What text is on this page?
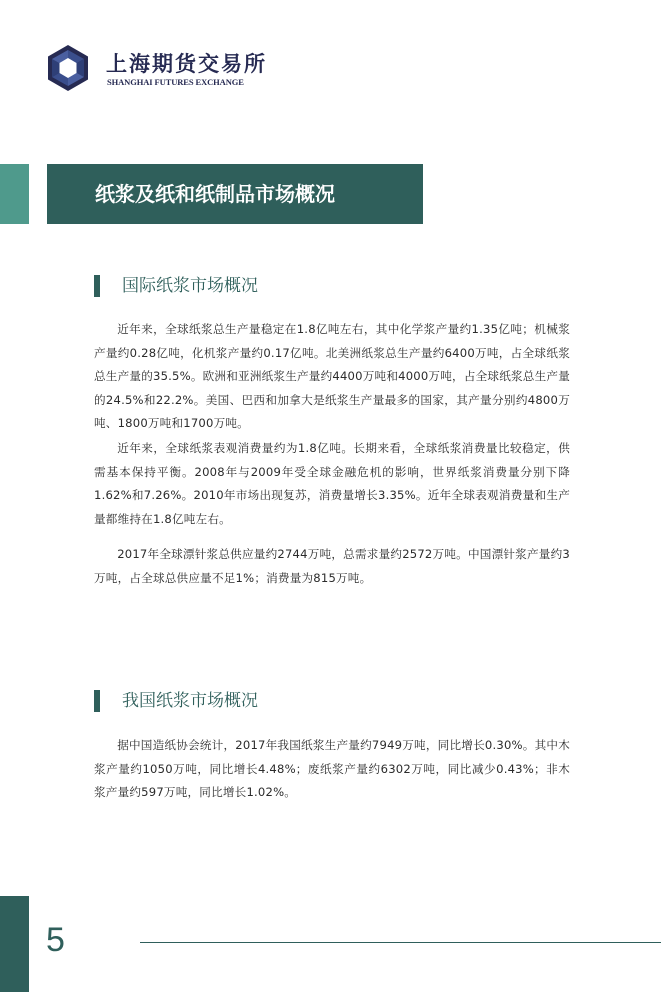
上海期货交易所
SHANGHAI FUTURES EXCHANGE
纸浆及纸和纸制品市场概况
国际纸浆市场概况

近年来，全球纸浆总生产量稳定在1.8亿吨左右，其中化学浆产量约1.35亿吨；机械浆产量约0.28亿吨，化机浆产量约0.17亿吨。北美洲纸浆总生产量约6400万吨，占全球纸浆总生产量的35.5%。欧洲和亚洲纸浆生产量约4400万吨和4000万吨，占全球纸浆总生产量的24.5%和22.2%。美国、巴西和加拿大是纸浆生产量最多的国家，其产量分别约4800万吨、1800万吨和1700万吨。

近年来，全球纸浆表观消费量约为1.8亿吨。长期来看，全球纸浆消费量比较稳定，供需基本保持平衡。2008年与2009年受全球金融危机的影响，世界纸浆消费量分别下降1.62%和7.26%。2010年市场出现复苏，消费量增长3.35%。近年全球表观消费量和生产量都维持在1.8亿吨左右。

2017年全球漂针浆总供应量约2744万吨，总需求量约2572万吨。中国漂针浆产量约3万吨，占全球总供应量不足1%；消费量为815万吨。

我国纸浆市场概况

据中国造纸协会统计，2017年我国纸浆生产量约7949万吨，同比增长0.30%。其中木浆产量约1050万吨，同比增长4.48%；废纸浆产量约6302万吨，同比减少0.43%；非木浆产量约597万吨，同比增长1.02%。

5
